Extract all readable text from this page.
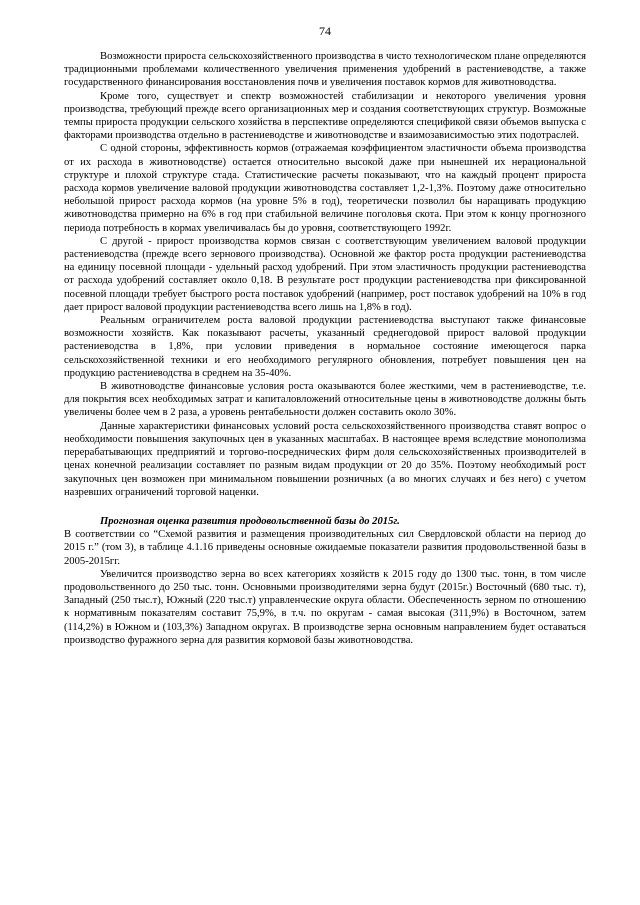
74

Возможности прироста сельскохозяйственного производства в чисто технологическом плане определяются традиционными проблемами количественного увеличения применения удобрений в растениеводстве, а также государственного финансирования восстановления почв и увеличения поставок кормов для животноводства.

Кроме того, существует и спектр возможностей стабилизации и некоторого увеличения уровня производства, требующий прежде всего организационных мер и создания соответствующих структур. Возможные темпы прироста продукции сельского хозяйства в перспективе определяются спецификой связи объемов выпуска с факторами производства отдельно в растениеводстве и животноводстве и взаимозависимостью этих подотраслей.

С одной стороны, эффективность кормов (отражаемая коэффициентом эластичности объема производства от их расхода в животноводстве) остается относительно высокой даже при нынешней их нерациональной структуре и плохой структуре стада. Статистические расчеты показывают, что на каждый процент прироста расхода кормов увеличение валовой продукции животноводства составляет 1,2-1,3%. Поэтому даже относительно небольшой прирост расхода кормов (на уровне 5% в год), теоретически позволил бы наращивать продукцию животноводства примерно на 6% в год при стабильной величине поголовья скота. При этом к концу прогнозного периода потребность в кормах увеличивалась бы до уровня, соответствующего 1992г.

С другой - прирост производства кормов связан с соответствующим увеличением валовой продукции растениеводства (прежде всего зернового производства). Основной же фактор роста продукции растениеводства на единицу посевной площади - удельный расход удобрений. При этом эластичность продукции растениеводства от расхода удобрений составляет около 0,18. В результате рост продукции растениеводства при фиксированной посевной площади требует быстрого роста поставок удобрений (например, рост поставок удобрений на 10% в год дает прирост валовой продукции растениеводства всего лишь на 1,8% в год).

Реальным ограничителем роста валовой продукции растениеводства выступают также финансовые возможности хозяйств. Как показывают расчеты, указанный среднегодовой прирост валовой продукции растениеводства в 1,8%, при условии приведения в нормальное состояние имеющегося парка сельскохозяйственной техники и его необходимого регулярного обновления, потребует повышения цен на продукцию растениеводства в среднем на 35-40%.

В животноводстве финансовые условия роста оказываются более жесткими, чем в растениеводстве, т.е. для покрытия всех необходимых затрат и капиталовложений относительные цены в животноводстве должны быть увеличены более чем в 2 раза, а уровень рентабельности должен составить около 30%.

Данные характеристики финансовых условий роста сельскохозяйственного производства ставят вопрос о необходимости повышения закупочных цен в указанных масштабах. В настоящее время вследствие монополизма перерабатывающих предприятий и торгово-посреднических фирм доля сельскохозяйственных производителей в ценах конечной реализации составляет по разным видам продукции от 20 до 35%. Поэтому необходимый рост закупочных цен возможен при минимальном повышении розничных (а во многих случаях и без него) с учетом назревших ограничений торговой наценки.

Прогнозная оценка развития продовольственной базы до 2015г.

В соответствии со “Схемой развития и размещения производительных сил Свердловской области на период до 2015 г.” (том 3), в таблице 4.1.16 приведены основные ожидаемые показатели развития продовольственной базы в 2005-2015гг.

Увеличится производство зерна во всех категориях хозяйств к 2015 году до 1300 тыс. тонн, в том числе продовольственного до 250 тыс. тонн. Основными производителями зерна будут (2015г.) Восточный (680 тыс. т), Западный (250 тыс.т), Южный (220 тыс.т) управленческие округа области. Обеспеченность зерном по отношению к нормативным показателям составит 75,9%, в т.ч. по округам - самая высокая (311,9%) в Восточном, затем (114,2%) в Южном и (103,3%) Западном округах. В производстве зерна основным направлением будет оставаться производство фуражного зерна для развития кормовой базы животноводства.
